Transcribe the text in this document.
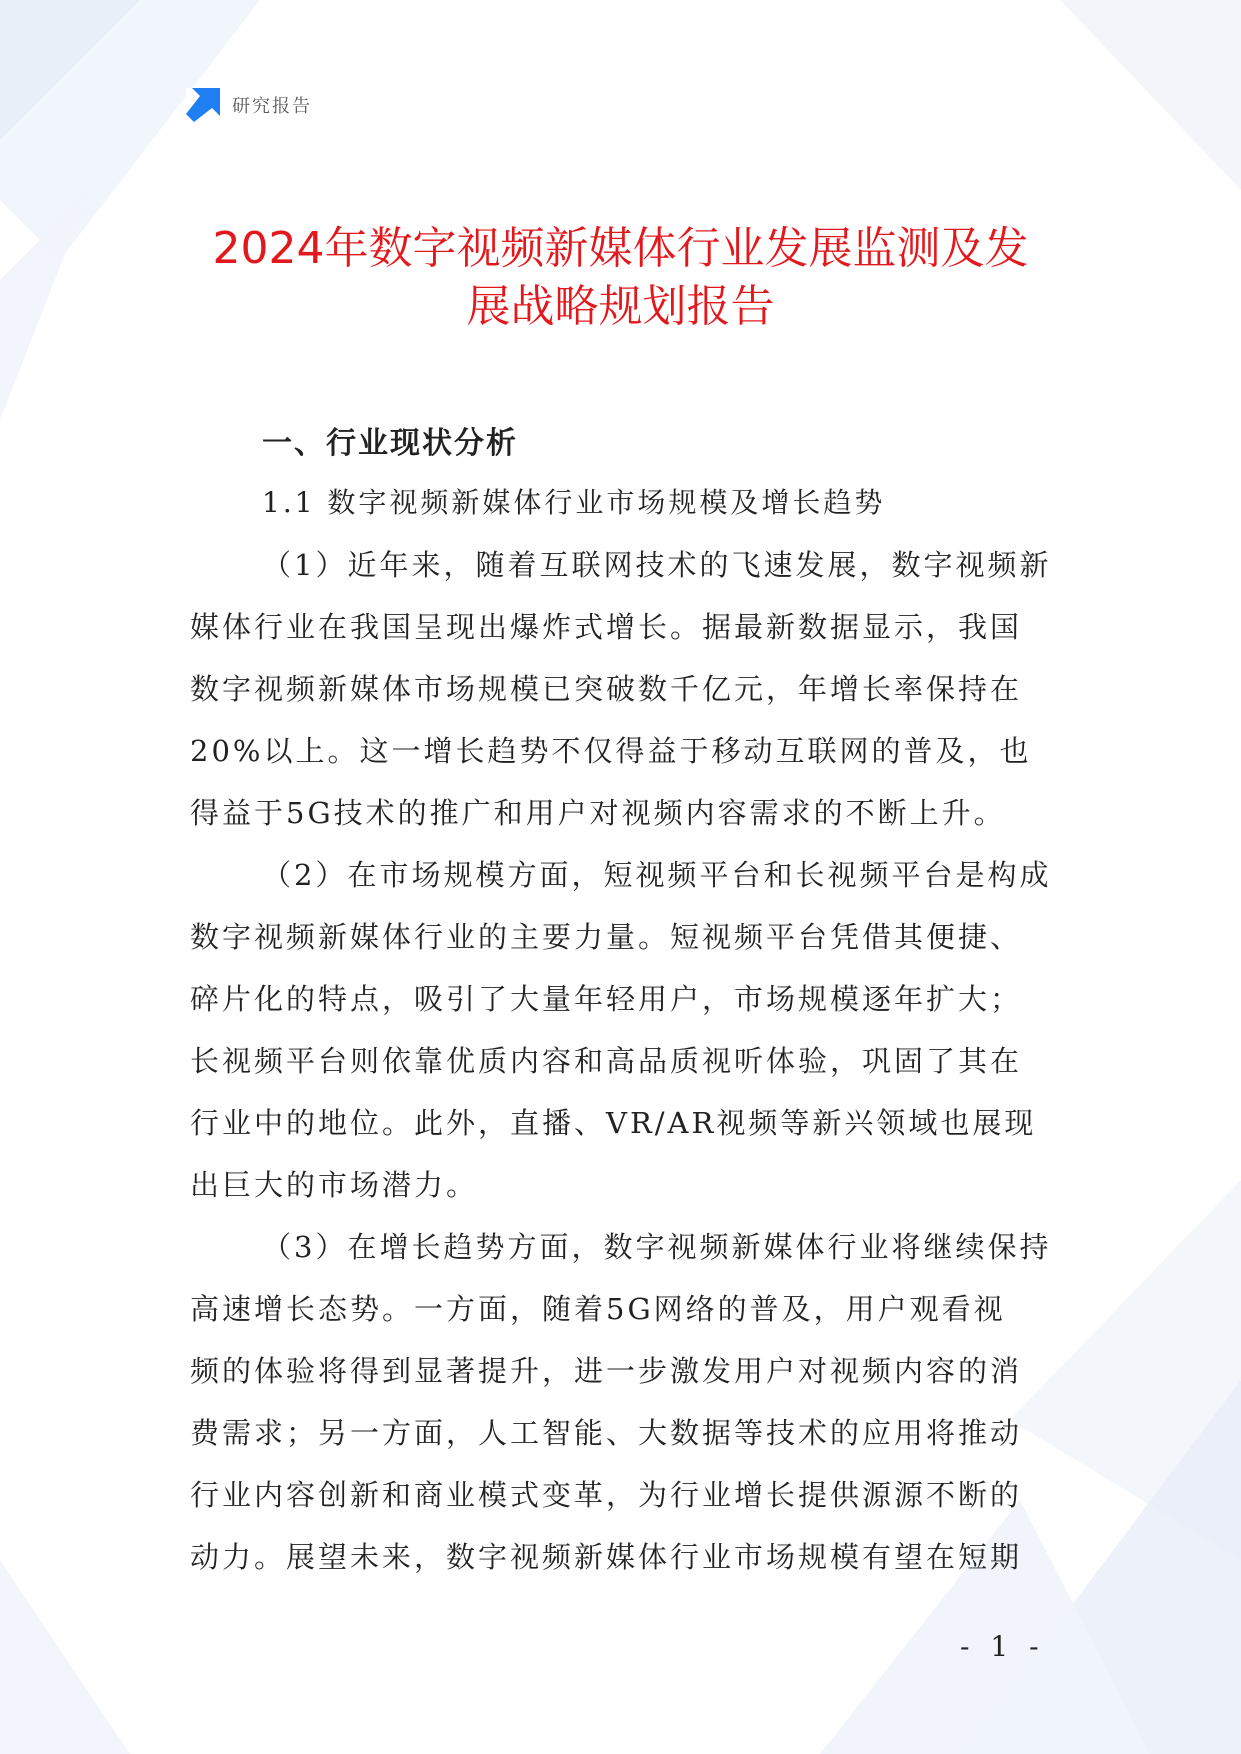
研究报告
2024年数字视频新媒体行业发展监测及发
展战略规划报告
一、行业现状分析
1.1 数字视频新媒体行业市场规模及增长趋势
（1）近年来，随着互联网技术的飞速发展，数字视频新
媒体行业在我国呈现出爆炸式增长。据最新数据显示，我国
数字视频新媒体市场规模已突破数千亿元，年增长率保持在
20%以上。这一增长趋势不仅得益于移动互联网的普及，也
得益于5G技术的推广和用户对视频内容需求的不断上升。
（2）在市场规模方面，短视频平台和长视频平台是构成
数字视频新媒体行业的主要力量。短视频平台凭借其便捷、
碎片化的特点，吸引了大量年轻用户，市场规模逐年扩大；
长视频平台则依靠优质内容和高品质视听体验，巩固了其在
行业中的地位。此外，直播、VR/AR视频等新兴领域也展现
出巨大的市场潜力。
（3）在增长趋势方面，数字视频新媒体行业将继续保持
高速增长态势。一方面，随着5G网络的普及，用户观看视
频的体验将得到显著提升，进一步激发用户对视频内容的消
费需求；另一方面，人工智能、大数据等技术的应用将推动
行业内容创新和商业模式变革，为行业增长提供源源不断的
动力。展望未来，数字视频新媒体行业市场规模有望在短期
- 1 -
